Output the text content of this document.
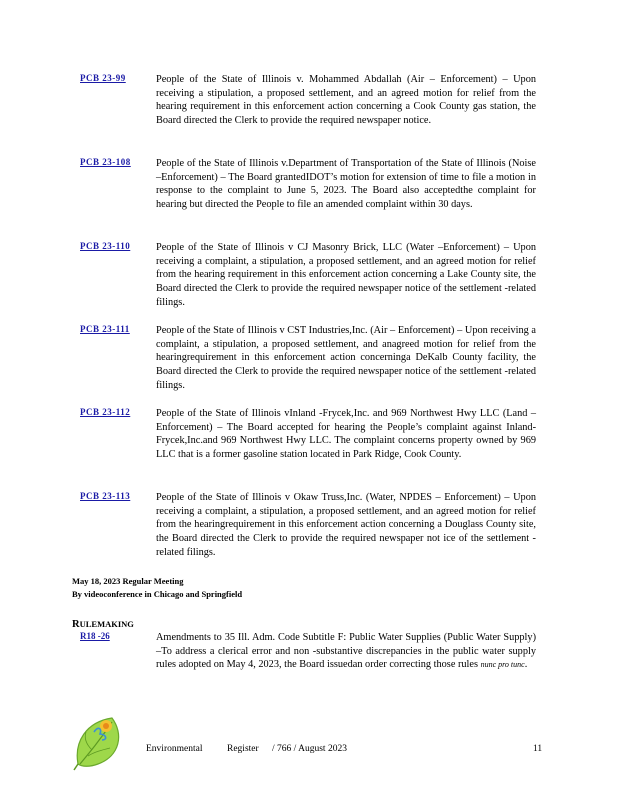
PCB 23-99	People of the State of Illinois v. Mohammed Abdallah (Air – Enforcement) – Upon receiving a stipulation, a proposed settlement, and an agreed motion for relief from the hearing requirement in this enforcement action concerning a Cook County gas station, the Board directed the Clerk to provide the required newspaper notice.
PCB 23-108	People of the State of Illinois v.Department of Transportation of the State of Illinois (Noise –Enforcement) – The Board grantedIDOT’s motion for extension of time to file a motion in response to the complaint to June 5, 2023. The Board also acceptedthe complaint for hearing but directed the People to file an amended complaint within 30 days.
PCB 23-110	People of the State of Illinois v CJ Masonry Brick, LLC (Water –Enforcement) – Upon receiving a complaint, a stipulation, a proposed settlement, and an agreed motion for relief from the hearing requirement in this enforcement action concerning a Lake County site, the Board directed the Clerk to provide the required newspaper notice of the settlement -related filings.
PCB 23-111	People of the State of Illinois v CST Industries,Inc. (Air – Enforcement) – Upon receiving a complaint, a stipulation, a proposed settlement, and anagreed motion for relief from the hearingrequirement in this enforcement action concerninga DeKalb County facility, the Board directed the Clerk to provide the required newspaper notice of the settlement -related filings.
PCB 23-112	People of the State of Illinois vInland -Frycek,Inc. and 969 Northwest Hwy LLC (Land – Enforcement) – The Board accepted for hearing the People’s complaint against Inland-Frycek,Inc.and 969 Northwest Hwy LLC. The complaint concerns property owned by 969 LLC that is a former gasoline station located in Park Ridge, Cook County.
PCB 23-113	People of the State of Illinois v Okaw Truss,Inc. (Water, NPDES – Enforcement) – Upon receiving a complaint, a stipulation, a proposed settlement, and an agreed motion for relief from the hearingrequirement in this enforcement action concerning a Douglass County site, the Board directed the Clerk to provide the required newspaper not ice of the settlement -related filings.
May 18, 2023 Regular Meeting
By videoconference in Chicago and Springfield
RULEMAKING
R18 -26	Amendments to 35 Ill. Adm. Code Subtitle F: Public Water Supplies (Public Water Supply) –To address a clerical error and non -substantive discrepancies in the public water supply rules adopted on May 4, 2023, the Board issuedan order correcting those rules nunc pro tunc.
Environmental	Register / 766 / August 2023	11
